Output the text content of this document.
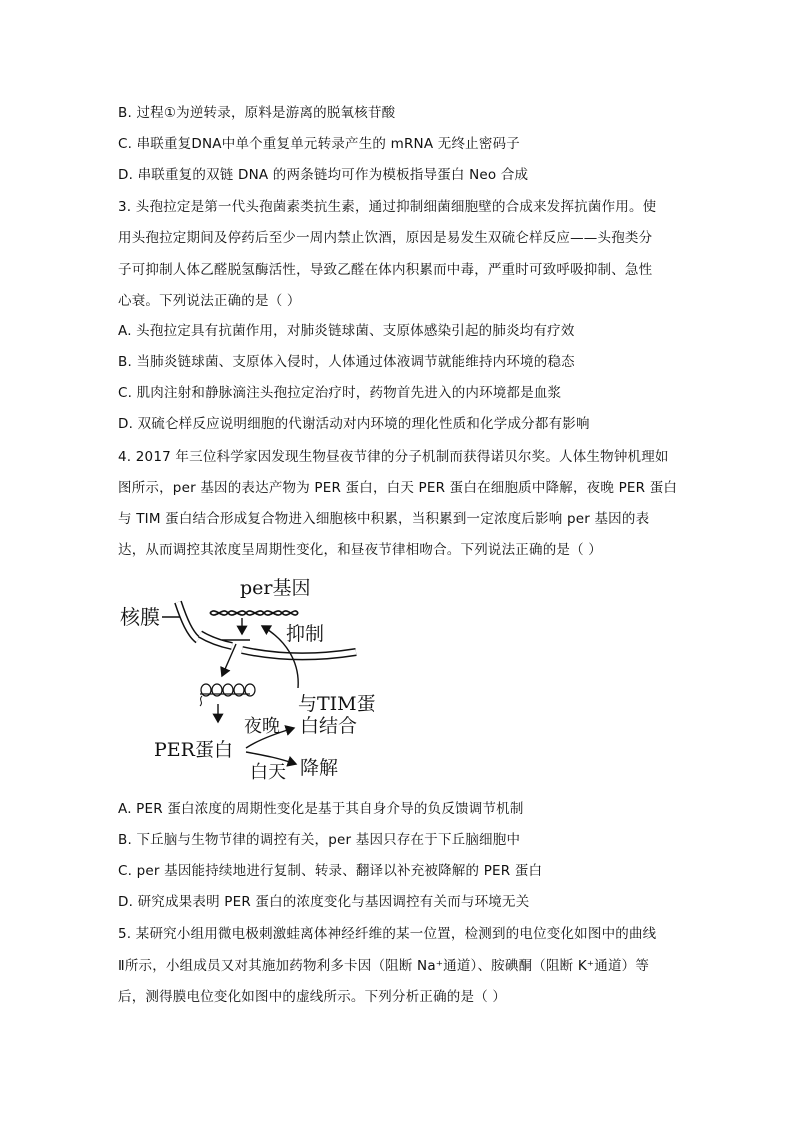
B. 过程①为逆转录，原料是游离的脱氧核苷酸
C. 串联重复DNA中单个重复单元转录产生的 mRNA 无终止密码子
D. 串联重复的双链 DNA 的两条链均可作为模板指导蛋白 Neo 合成
3. 头孢拉定是第一代头孢菌素类抗生素，通过抑制细菌细胞壁的合成来发挥抗菌作用。使
用头孢拉定期间及停药后至少一周内禁止饮酒，原因是易发生双硫仑样反应——头孢类分
子可抑制人体乙醛脱氢酶活性，导致乙醛在体内积累而中毒，严重时可致呼吸抑制、急性
心衰。下列说法正确的是（ ）
A. 头孢拉定具有抗菌作用，对肺炎链球菌、支原体感染引起的肺炎均有疗效
B. 当肺炎链球菌、支原体入侵时，人体通过体液调节就能维持内环境的稳态
C. 肌肉注射和静脉滴注头孢拉定治疗时，药物首先进入的内环境都是血浆
D. 双硫仑样反应说明细胞的代谢活动对内环境的理化性质和化学成分都有影响
4. 2017 年三位科学家因发现生物昼夜节律的分子机制而获得诺贝尔奖。人体生物钟机理如
图所示，per 基因的表达产物为 PER 蛋白，白天 PER 蛋白在细胞质中降解，夜晚 PER 蛋白
与 TIM 蛋白结合形成复合物进入细胞核中积累，当积累到一定浓度后影响 per 基因的表
达，从而调控其浓度呈周期性变化，和昼夜节律相吻合。下列说法正确的是（ ）
per基因
核膜
抑制
与TIM蛋
白结合
夜晚
PER蛋白
白天 降解
A. PER 蛋白浓度的周期性变化是基于其自身介导的负反馈调节机制
B. 下丘脑与生物节律的调控有关，per 基因只存在于下丘脑细胞中
C. per 基因能持续地进行复制、转录、翻译以补充被降解的 PER 蛋白
D. 研究成果表明 PER 蛋白的浓度变化与基因调控有关而与环境无关
5. 某研究小组用微电极刺激蛙离体神经纤维的某一位置，检测到的电位变化如图中的曲线
Ⅱ所示，小组成员又对其施加药物利多卡因（阻断 Na⁺通道）、胺碘酮（阻断 K⁺通道）等
后，测得膜电位变化如图中的虚线所示。下列分析正确的是（ ）
